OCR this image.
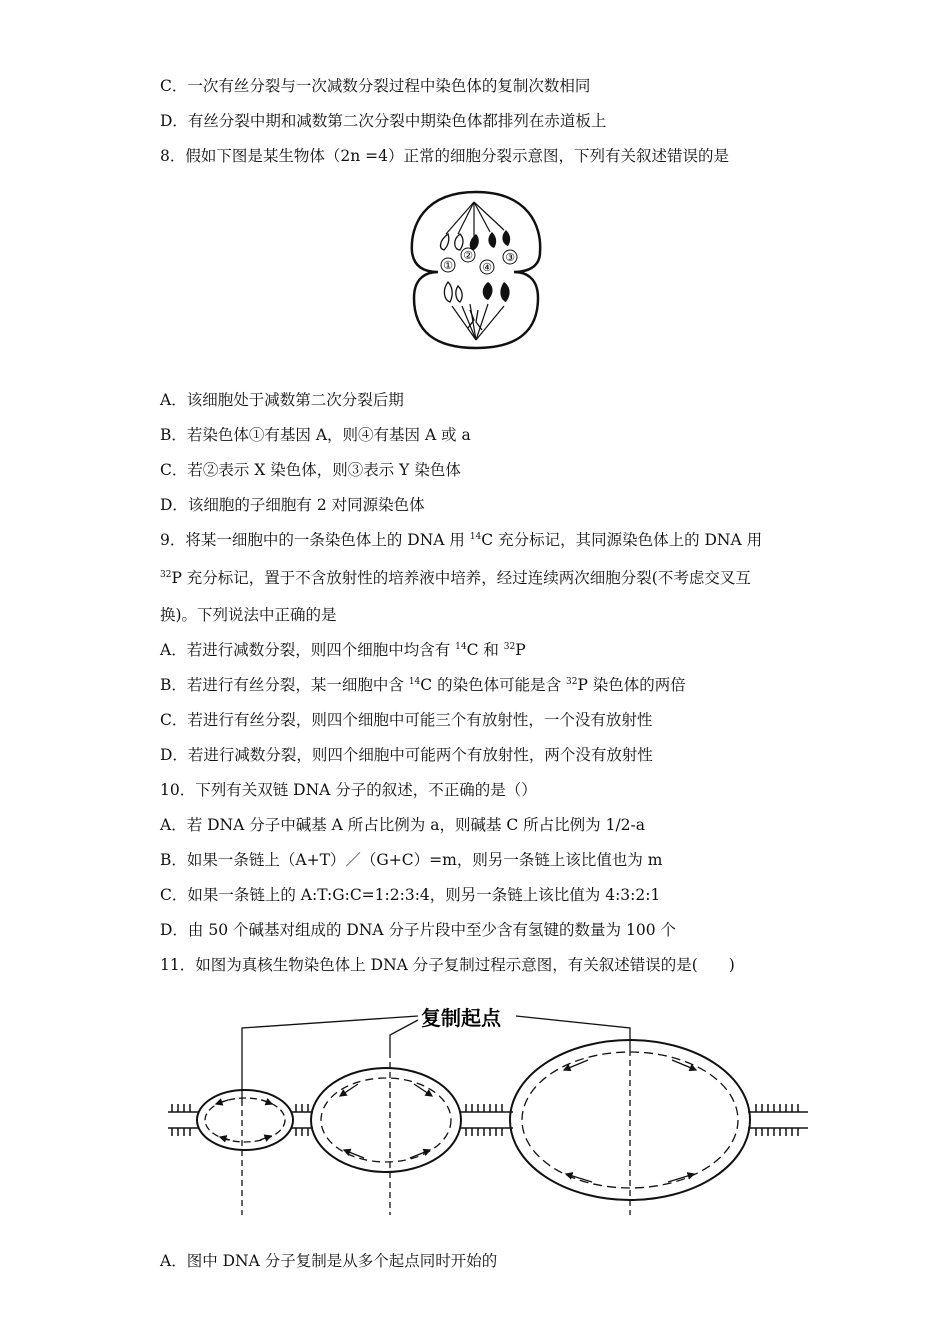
C．一次有丝分裂与一次减数分裂过程中染色体的复制次数相同
D．有丝分裂中期和减数第二次分裂中期染色体都排列在赤道板上
8．假如下图是某生物体（2n =4）正常的细胞分裂示意图，下列有关叙述错误的是
①
②
④
③
A．该细胞处于减数第二次分裂后期
B．若染色体①有基因 A，则④有基因 A 或 a
C．若②表示 X 染色体，则③表示 Y 染色体
D．该细胞的子细胞有 2 对同源染色体
9．将某一细胞中的一条染色体上的 DNA 用 $^{14}$C 充分标记，其同源染色体上的 DNA 用
$^{32}$P 充分标记，置于不含放射性的培养液中培养，经过连续两次细胞分裂(不考虑交叉互
换)。下列说法中正确的是
A．若进行减数分裂，则四个细胞中均含有 $^{14}$C 和 $^{32}$P
B．若进行有丝分裂，某一细胞中含 $^{14}$C 的染色体可能是含 $^{32}$P 染色体的两倍
C．若进行有丝分裂，则四个细胞中可能三个有放射性，一个没有放射性
D．若进行减数分裂，则四个细胞中可能两个有放射性，两个没有放射性
10．下列有关双链 DNA 分子的叙述，不正确的是（）
A．若 DNA 分子中碱基 A 所占比例为 a，则碱基 C 所占比例为 1/2-a
B．如果一条链上（A+T）／（G+C）=m，则另一条链上该比值也为 m
C．如果一条链上的 A:T:G:C=1:2:3:4，则另一条链上该比值为 4:3:2:1
D．由 50 个碱基对组成的 DNA 分子片段中至少含有氢键的数量为 100 个
11．如图为真核生物染色体上 DNA 分子复制过程示意图，有关叙述错误的是(　　)
复制起点
A．图中 DNA 分子复制是从多个起点同时开始的
